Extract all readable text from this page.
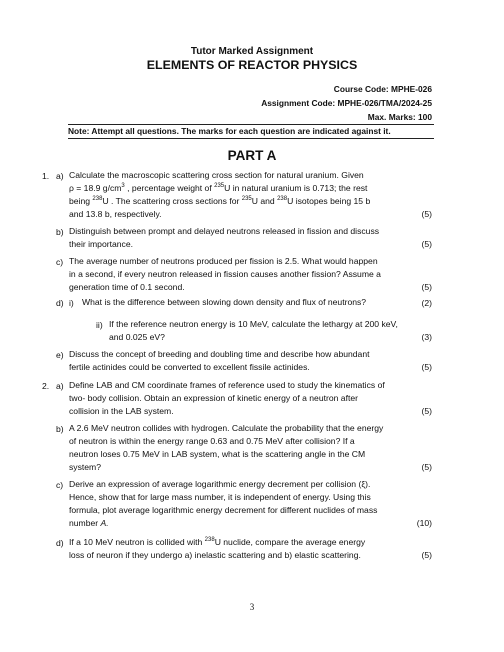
Tutor Marked Assignment
ELEMENTS OF REACTOR PHYSICS
Course Code: MPHE-026
Assignment Code: MPHE-026/TMA/2024-25
Max. Marks: 100
Note: Attempt all questions. The marks for each question are indicated against it.
PART A
1. a) Calculate the macroscopic scattering cross section for natural uranium. Given
ρ = 18.9 $g/cm^3$ , percentage weight of $^{235}$U in natural uranium is 0.713; the rest
being $^{238}$U . The scattering cross sections for $^{235}$U and $^{238}$U isotopes being 15 b
and 13.8 b, respectively.	(5)
b) Distinguish between prompt and delayed neutrons released in fission and discuss
their importance.	(5)
c) The average number of neutrons produced per fission is 2.5. What would happen
in a second, if every neutron released in fission causes another fission? Assume a
generation time of 0.1 second.	(5)
d) i) What is the difference between slowing down density and flux of neutrons?	(2)
ii) If the reference neutron energy is 10 MeV, calculate the lethargy at 200 keV,
and 0.025 eV?	(3)
e) Discuss the concept of breeding and doubling time and describe how abundant
fertile actinides could be converted to excellent fissile actinides.	(5)
2. a) Define LAB and CM coordinate frames of reference used to study the kinematics of
two- body collision. Obtain an expression of kinetic energy of a neutron after
collision in the LAB system.	(5)
b) A 2.6 MeV neutron collides with hydrogen. Calculate the probability that the energy
of neutron is within the energy range 0.63 and 0.75 MeV after collision? If a
neutron loses 0.75 MeV in LAB system, what is the scattering angle in the CM
system?	(5)
c) Derive an expression of average logarithmic energy decrement per collision (ξ).
Hence, show that for large mass number, it is independent of energy. Using this
formula, plot average logarithmic energy decrement for different nuclides of mass
number A.	(10)
d) If a 10 MeV neutron is collided with $^{238}$U nuclide, compare the average energy
loss of neuron if they undergo a) inelastic scattering and b) elastic scattering.	(5)
3
